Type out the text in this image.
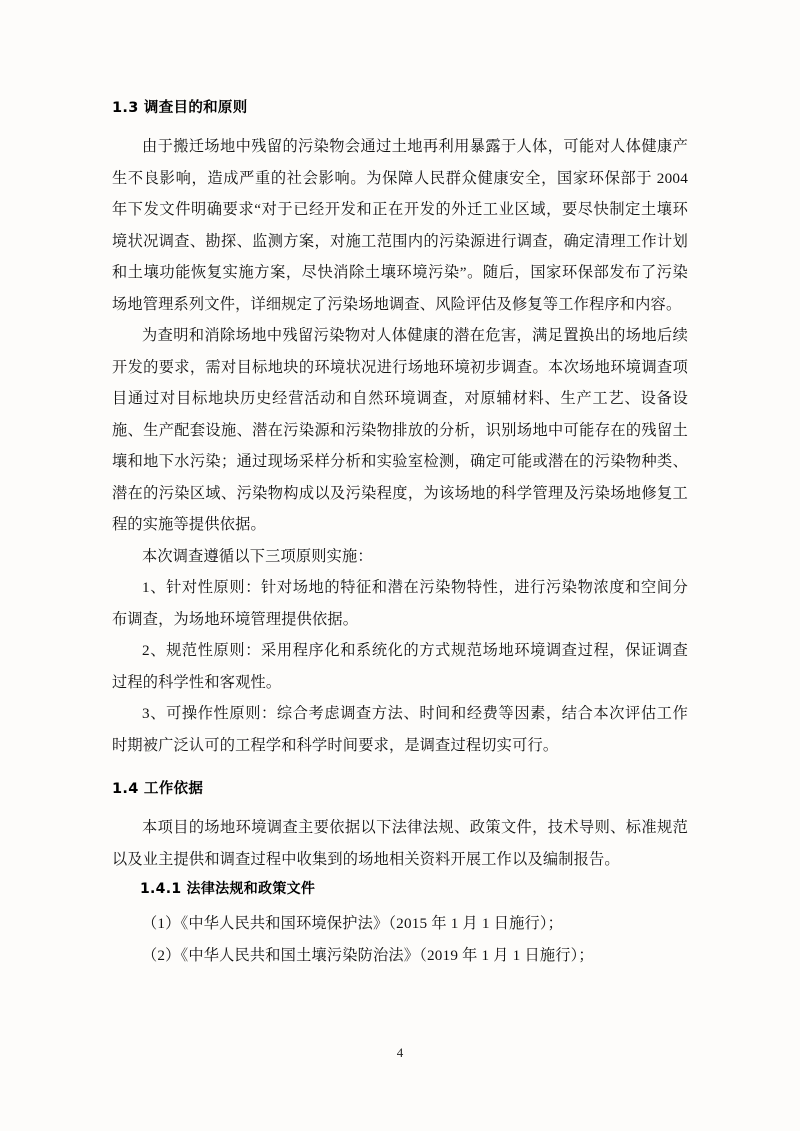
1.3 调查目的和原则

由于搬迁场地中残留的污染物会通过土地再利用暴露于人体，可能对人体健康产生不良影响，造成严重的社会影响。为保障人民群众健康安全，国家环保部于 2004 年下发文件明确要求“对于已经开发和正在开发的外迁工业区域，要尽快制定土壤环境状况调查、勘探、监测方案，对施工范围内的污染源进行调查，确定清理工作计划和土壤功能恢复实施方案，尽快消除土壤环境污染”。随后，国家环保部发布了污染场地管理系列文件，详细规定了污染场地调查、风险评估及修复等工作程序和内容。

为查明和消除场地中残留污染物对人体健康的潜在危害，满足置换出的场地后续开发的要求，需对目标地块的环境状况进行场地环境初步调查。本次场地环境调查项目通过对目标地块历史经营活动和自然环境调查，对原辅材料、生产工艺、设备设施、生产配套设施、潜在污染源和污染物排放的分析，识别场地中可能存在的残留土壤和地下水污染；通过现场采样分析和实验室检测，确定可能或潜在的污染物种类、潜在的污染区域、污染物构成以及污染程度，为该场地的科学管理及污染场地修复工程的实施等提供依据。

本次调查遵循以下三项原则实施：

1、针对性原则：针对场地的特征和潜在污染物特性，进行污染物浓度和空间分布调查，为场地环境管理提供依据。

2、规范性原则：采用程序化和系统化的方式规范场地环境调查过程，保证调查过程的科学性和客观性。

3、可操作性原则：综合考虑调查方法、时间和经费等因素，结合本次评估工作时期被广泛认可的工程学和科学时间要求，是调查过程切实可行。

1.4 工作依据

本项目的场地环境调查主要依据以下法律法规、政策文件，技术导则、标准规范以及业主提供和调查过程中收集到的场地相关资料开展工作以及编制报告。

1.4.1 法律法规和政策文件

（1）《中华人民共和国环境保护法》（2015 年 1 月 1 日施行）；

（2）《中华人民共和国土壤污染防治法》（2019 年 1 月 1 日施行）；

4
